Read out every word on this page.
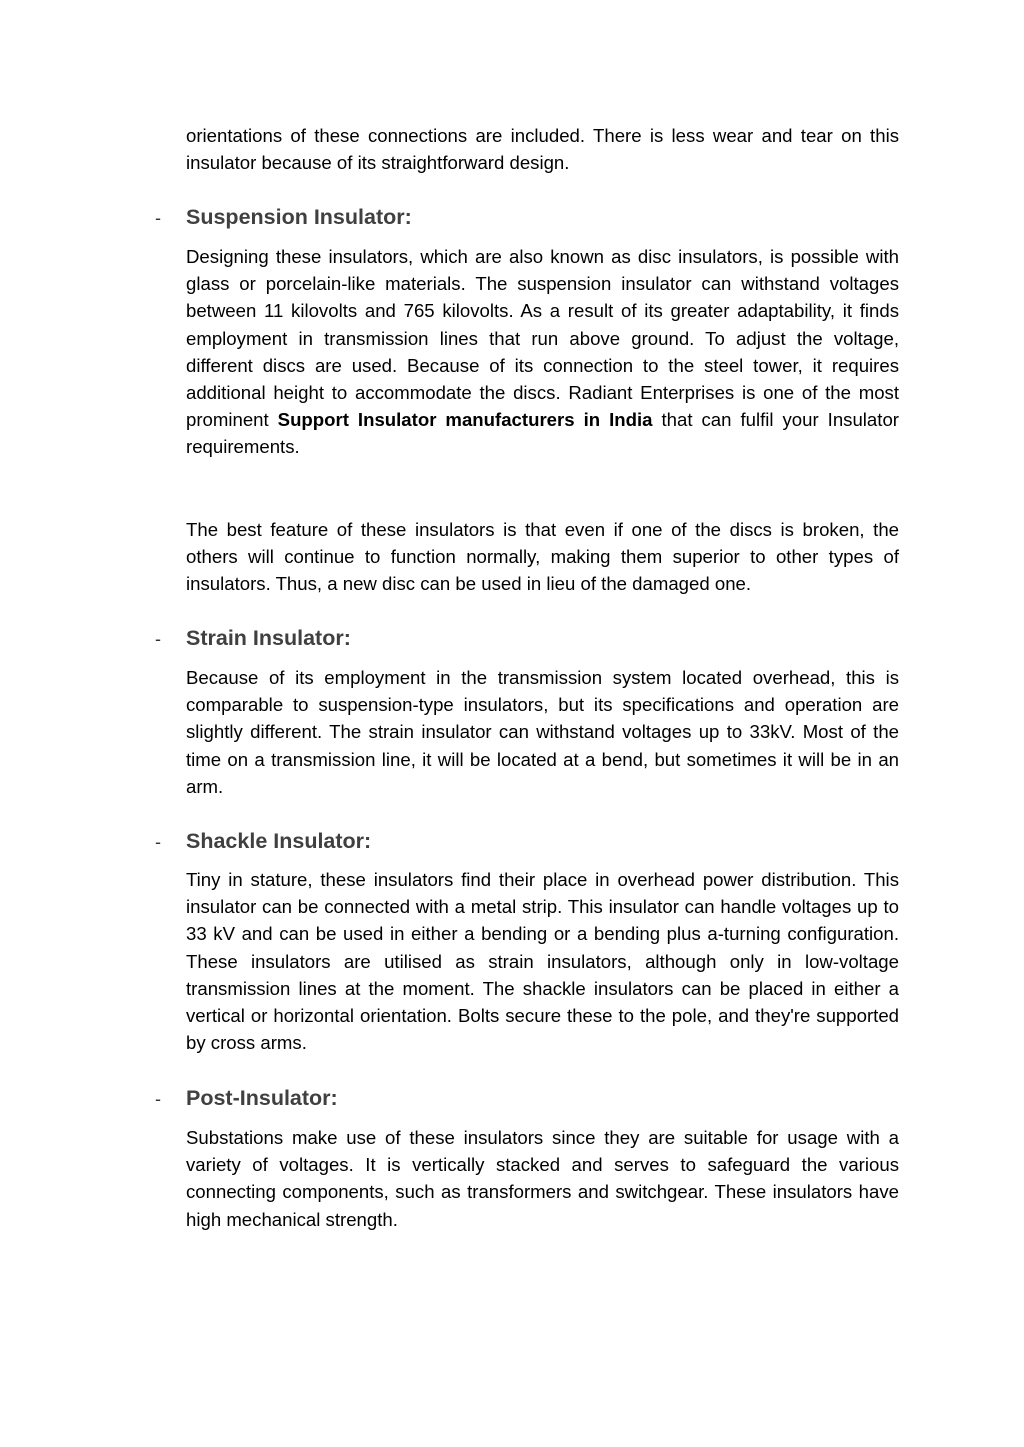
orientations of these connections are included. There is less wear and tear on this insulator because of its straightforward design.

- Suspension Insulator:

Designing these insulators, which are also known as disc insulators, is possible with glass or porcelain-like materials. The suspension insulator can withstand voltages between 11 kilovolts and 765 kilovolts. As a result of its greater adaptability, it finds employment in transmission lines that run above ground. To adjust the voltage, different discs are used. Because of its connection to the steel tower, it requires additional height to accommodate the discs. Radiant Enterprises is one of the most prominent Support Insulator manufacturers in India that can fulfil your Insulator requirements.

The best feature of these insulators is that even if one of the discs is broken, the others will continue to function normally, making them superior to other types of insulators. Thus, a new disc can be used in lieu of the damaged one.

- Strain Insulator:

Because of its employment in the transmission system located overhead, this is comparable to suspension-type insulators, but its specifications and operation are slightly different. The strain insulator can withstand voltages up to 33kV. Most of the time on a transmission line, it will be located at a bend, but sometimes it will be in an arm.

- Shackle Insulator:

Tiny in stature, these insulators find their place in overhead power distribution. This insulator can be connected with a metal strip. This insulator can handle voltages up to 33 kV and can be used in either a bending or a bending plus a-turning configuration. These insulators are utilised as strain insulators, although only in low-voltage transmission lines at the moment. The shackle insulators can be placed in either a vertical or horizontal orientation. Bolts secure these to the pole, and they're supported by cross arms.

- Post-Insulator:

Substations make use of these insulators since they are suitable for usage with a variety of voltages. It is vertically stacked and serves to safeguard the various connecting components, such as transformers and switchgear. These insulators have high mechanical strength.
